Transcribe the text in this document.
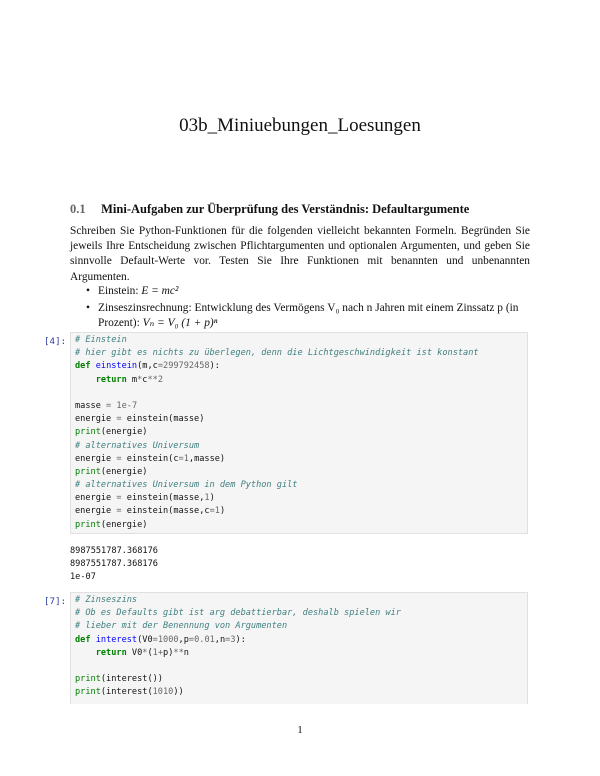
03b_Miniuebungen_Loesungen
0.1 Mini-Aufgaben zur Überprüfung des Verständnis: Defaultargumente
Schreiben Sie Python-Funktionen für die folgenden vielleicht bekannten Formeln. Begründen Sie jeweils Ihre Entscheidung zwischen Pflichtargumenten und optionalen Argumenten, und geben Sie sinnvolle Default-Werte vor. Testen Sie Ihre Funktionen mit benannten und unbenannten Argumenten.
• Einstein: E = mc²
• Zinseszinsrechnung: Entwicklung des Vermögens V₀ nach n Jahren mit einem Zinssatz p (in Prozent): Vₙ = V₀ (1 + p)ⁿ
[4]: # Einstein
# hier gibt es nichts zu überlegen, denn die Lichtgeschwindigkeit ist konstant
def einstein(m,c=299792458):
return m*c**2
masse = 1e-7
energie = einstein(masse)
print(energie)
# alternatives Universum
energie = einstein(c=1,masse)
print(energie)
# alternatives Universum in dem Python gilt
energie = einstein(masse,1)
energie = einstein(masse,c=1)
print(energie)
8987551787.368176
8987551787.368176
1e-07
[7]: # Zinseszins
# Ob es Defaults gibt ist arg debattierbar, deshalb spielen wir
# lieber mit der Benennung von Argumenten
def interest(V0=1000,p=0.01,n=3):
return V0*(1+p)**n
print(interest())
print(interest(1010))
1
